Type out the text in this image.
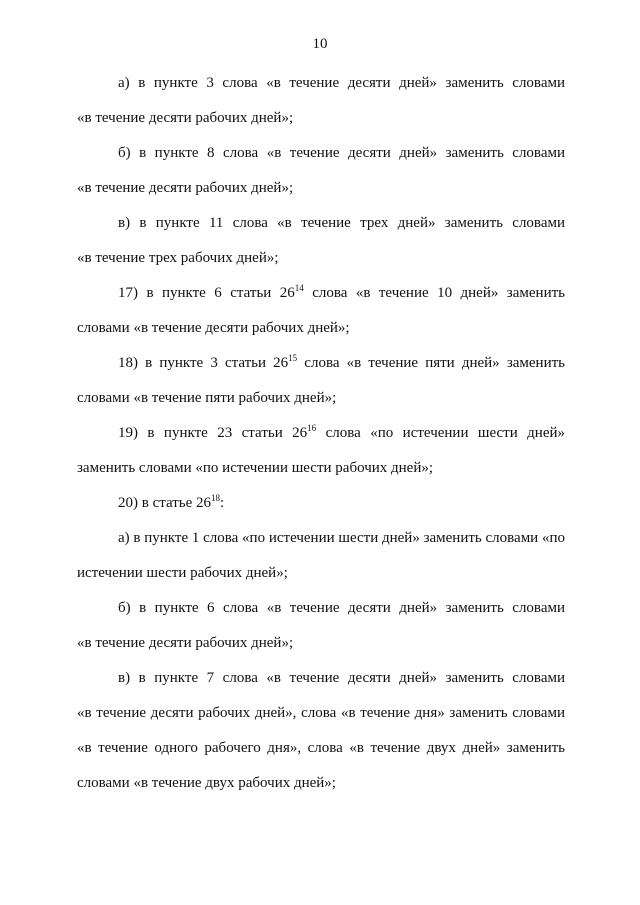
10

а) в пункте 3 слова «в течение десяти дней» заменить словами

«в течение десяти рабочих дней»;

б) в пункте 8 слова «в течение десяти дней» заменить словами

«в течение десяти рабочих дней»;

в) в пункте 11 слова «в течение трех дней» заменить словами

«в течение трех рабочих дней»;

17) в пункте 6 статьи $26^{14}$ слова «в течение 10 дней» заменить

словами «в течение десяти рабочих дней»;

18) в пункте 3 статьи $26^{15}$ слова «в течение пяти дней» заменить

словами «в течение пяти рабочих дней»;

19) в пункте 23 статьи $26^{16}$ слова «по истечении шести дней»

заменить словами «по истечении шести рабочих дней»;

20) в статье $26^{18}$:

а) в пункте 1 слова «по истечении шести дней» заменить словами «по

истечении шести рабочих дней»;

б) в пункте 6 слова «в течение десяти дней» заменить словами

«в течение десяти рабочих дней»;

в) в пункте 7 слова «в течение десяти дней» заменить словами

«в течение десяти рабочих дней», слова «в течение дня» заменить словами

«в течение одного рабочего дня», слова «в течение двух дней» заменить

словами «в течение двух рабочих дней»;
